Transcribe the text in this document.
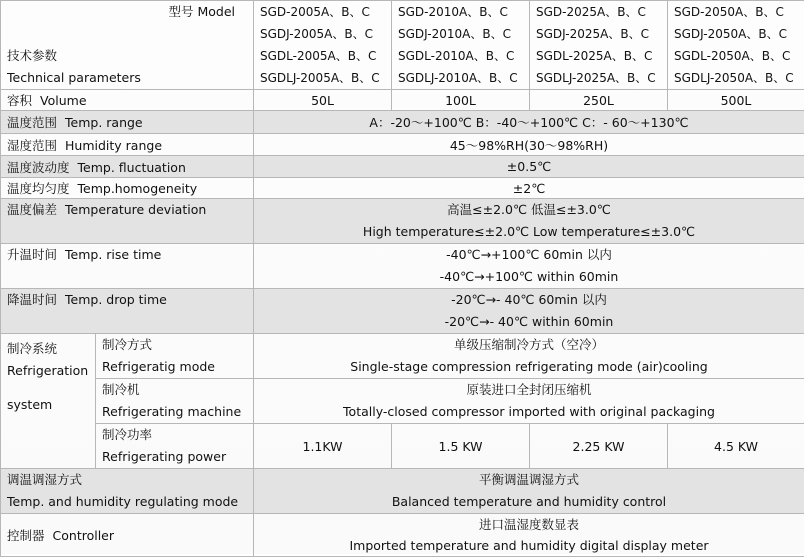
型号 Model
技术参数
Technical parameters		SGD-2005A、B、C
SGDJ-2005A、B、C
SGDL-2005A、B、C
SGDLJ-2005A、B、C	SGD-2010A、B、C
SGDJ-2010A、B、C
SGDL-2010A、B、C
SGDLJ-2010A、B、C	SGD-2025A、B、C
SGDJ-2025A、B、C
SGDL-2025A、B、C
SGDLJ-2025A、B、C	SGD-2050A、B、C
SGDJ-2050A、B、C
SGDL-2050A、B、C
SGDLJ-2050A、B、C

容积 Volume		50L	100L	250L	500L
温度范围 Temp. range		A：-20～+100℃ B：-40～+100℃ C：- 60～+130℃			
湿度范围 Humidity range		45～98%RH(30～98%RH)			
温度波动度 Temp. fluctuation		±0.5℃			
温度均匀度 Temp.homogeneity		±2℃			

温度偏差 Temperature deviation		高温≤±2.0℃ 低温≤±3.0℃
High temperature≤±2.0℃ Low temperature≤±3.0℃			

升温时间 Temp. rise time		-40℃→+100℃ 60min 以内
-40℃→+100℃ within 60min			

降温时间 Temp. drop time		-20℃→- 40℃ 60min 以内
-20℃→- 40℃ within 60min			

制冷系统
Refrigeration
system	制冷方式
Refrigeratig mode	单级压缩制冷方式（空冷）
Single-stage compression refrigerating mode (air)cooling			

	制冷机
Refrigerating machine	原装进口全封闭压缩机
Totally-closed compressor imported with original packaging			

	制冷功率
Refrigerating power	1.1KW	1.5 KW	2.25 KW	4.5 KW

调温调湿方式
Temp. and humidity regulating mode		平衡调温调湿方式
Balanced temperature and humidity control			

控制器 Controller		进口温湿度数显表
Imported temperature and humidity digital display meter			
